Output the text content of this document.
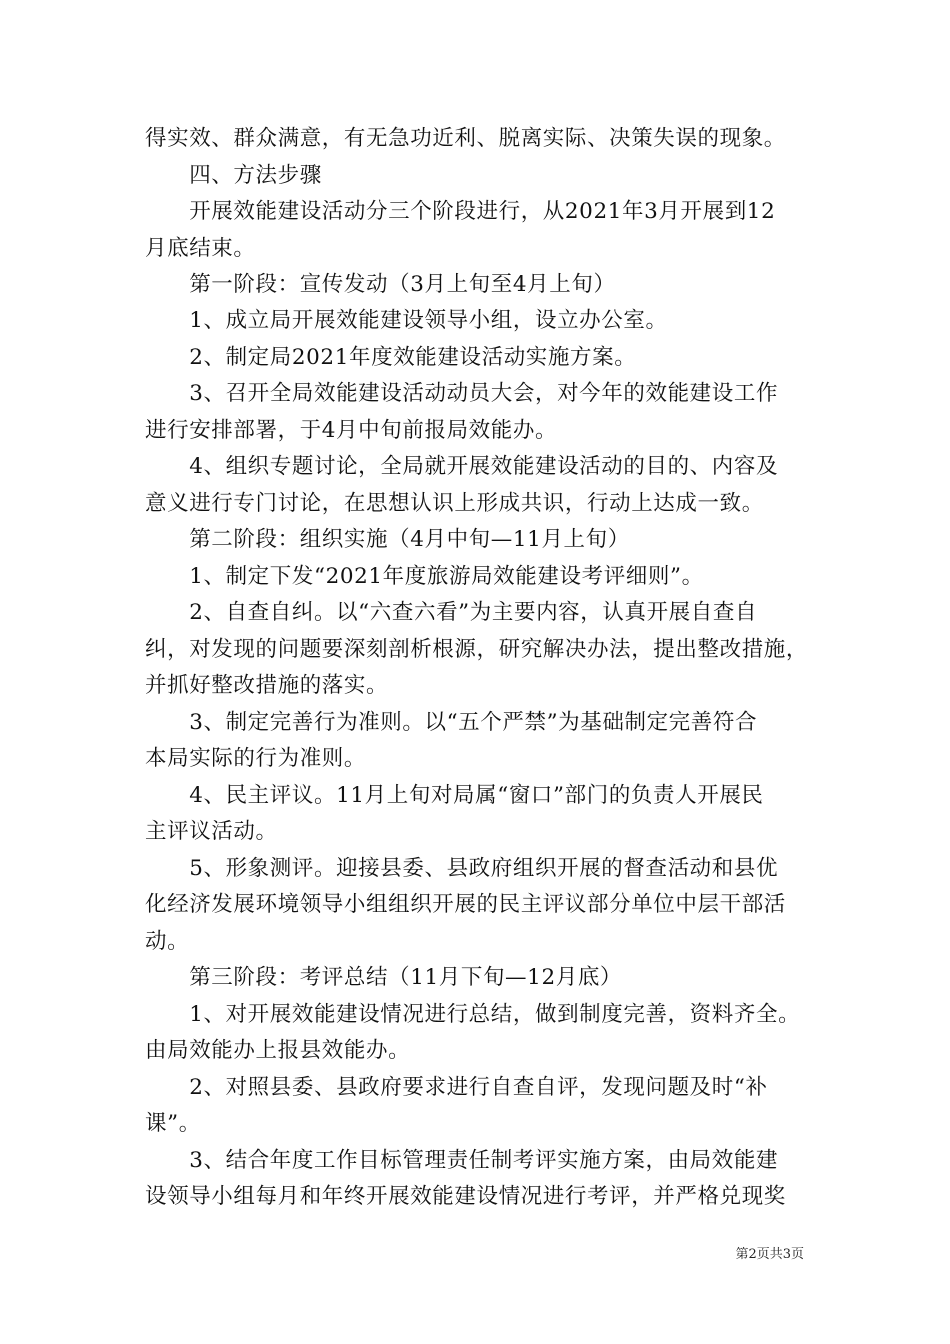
得实效、群众满意，有无急功近利、脱离实际、决策失误的现象。
　　四、方法步骤
　　开展效能建设活动分三个阶段进行，从2021年3月开展到12
月底结束。
　　第一阶段：宣传发动（3月上旬至4月上旬）
　　1、成立局开展效能建设领导小组，设立办公室。
　　2、制定局2021年度效能建设活动实施方案。
　　3、召开全局效能建设活动动员大会，对今年的效能建设工作
进行安排部署，于4月中旬前报局效能办。
　　4、组织专题讨论，全局就开展效能建设活动的目的、内容及
意义进行专门讨论，在思想认识上形成共识，行动上达成一致。
　　第二阶段：组织实施（4月中旬—11月上旬）
　　1、制定下发“2021年度旅游局效能建设考评细则”。
　　2、自查自纠。以“六查六看”为主要内容，认真开展自查自
纠，对发现的问题要深刻剖析根源，研究解决办法，提出整改措施，
并抓好整改措施的落实。
　　3、制定完善行为准则。以“五个严禁”为基础制定完善符合
本局实际的行为准则。
　　4、民主评议。11月上旬对局属“窗口”部门的负责人开展民
主评议活动。
　　5、形象测评。迎接县委、县政府组织开展的督查活动和县优
化经济发展环境领导小组组织开展的民主评议部分单位中层干部活
动。
　　第三阶段：考评总结（11月下旬—12月底）
　　1、对开展效能建设情况进行总结，做到制度完善，资料齐全。
由局效能办上报县效能办。
　　2、对照县委、县政府要求进行自查自评，发现问题及时“补
课”。
　　3、结合年度工作目标管理责任制考评实施方案，由局效能建
设领导小组每月和年终开展效能建设情况进行考评，并严格兑现奖
第2页共3页
